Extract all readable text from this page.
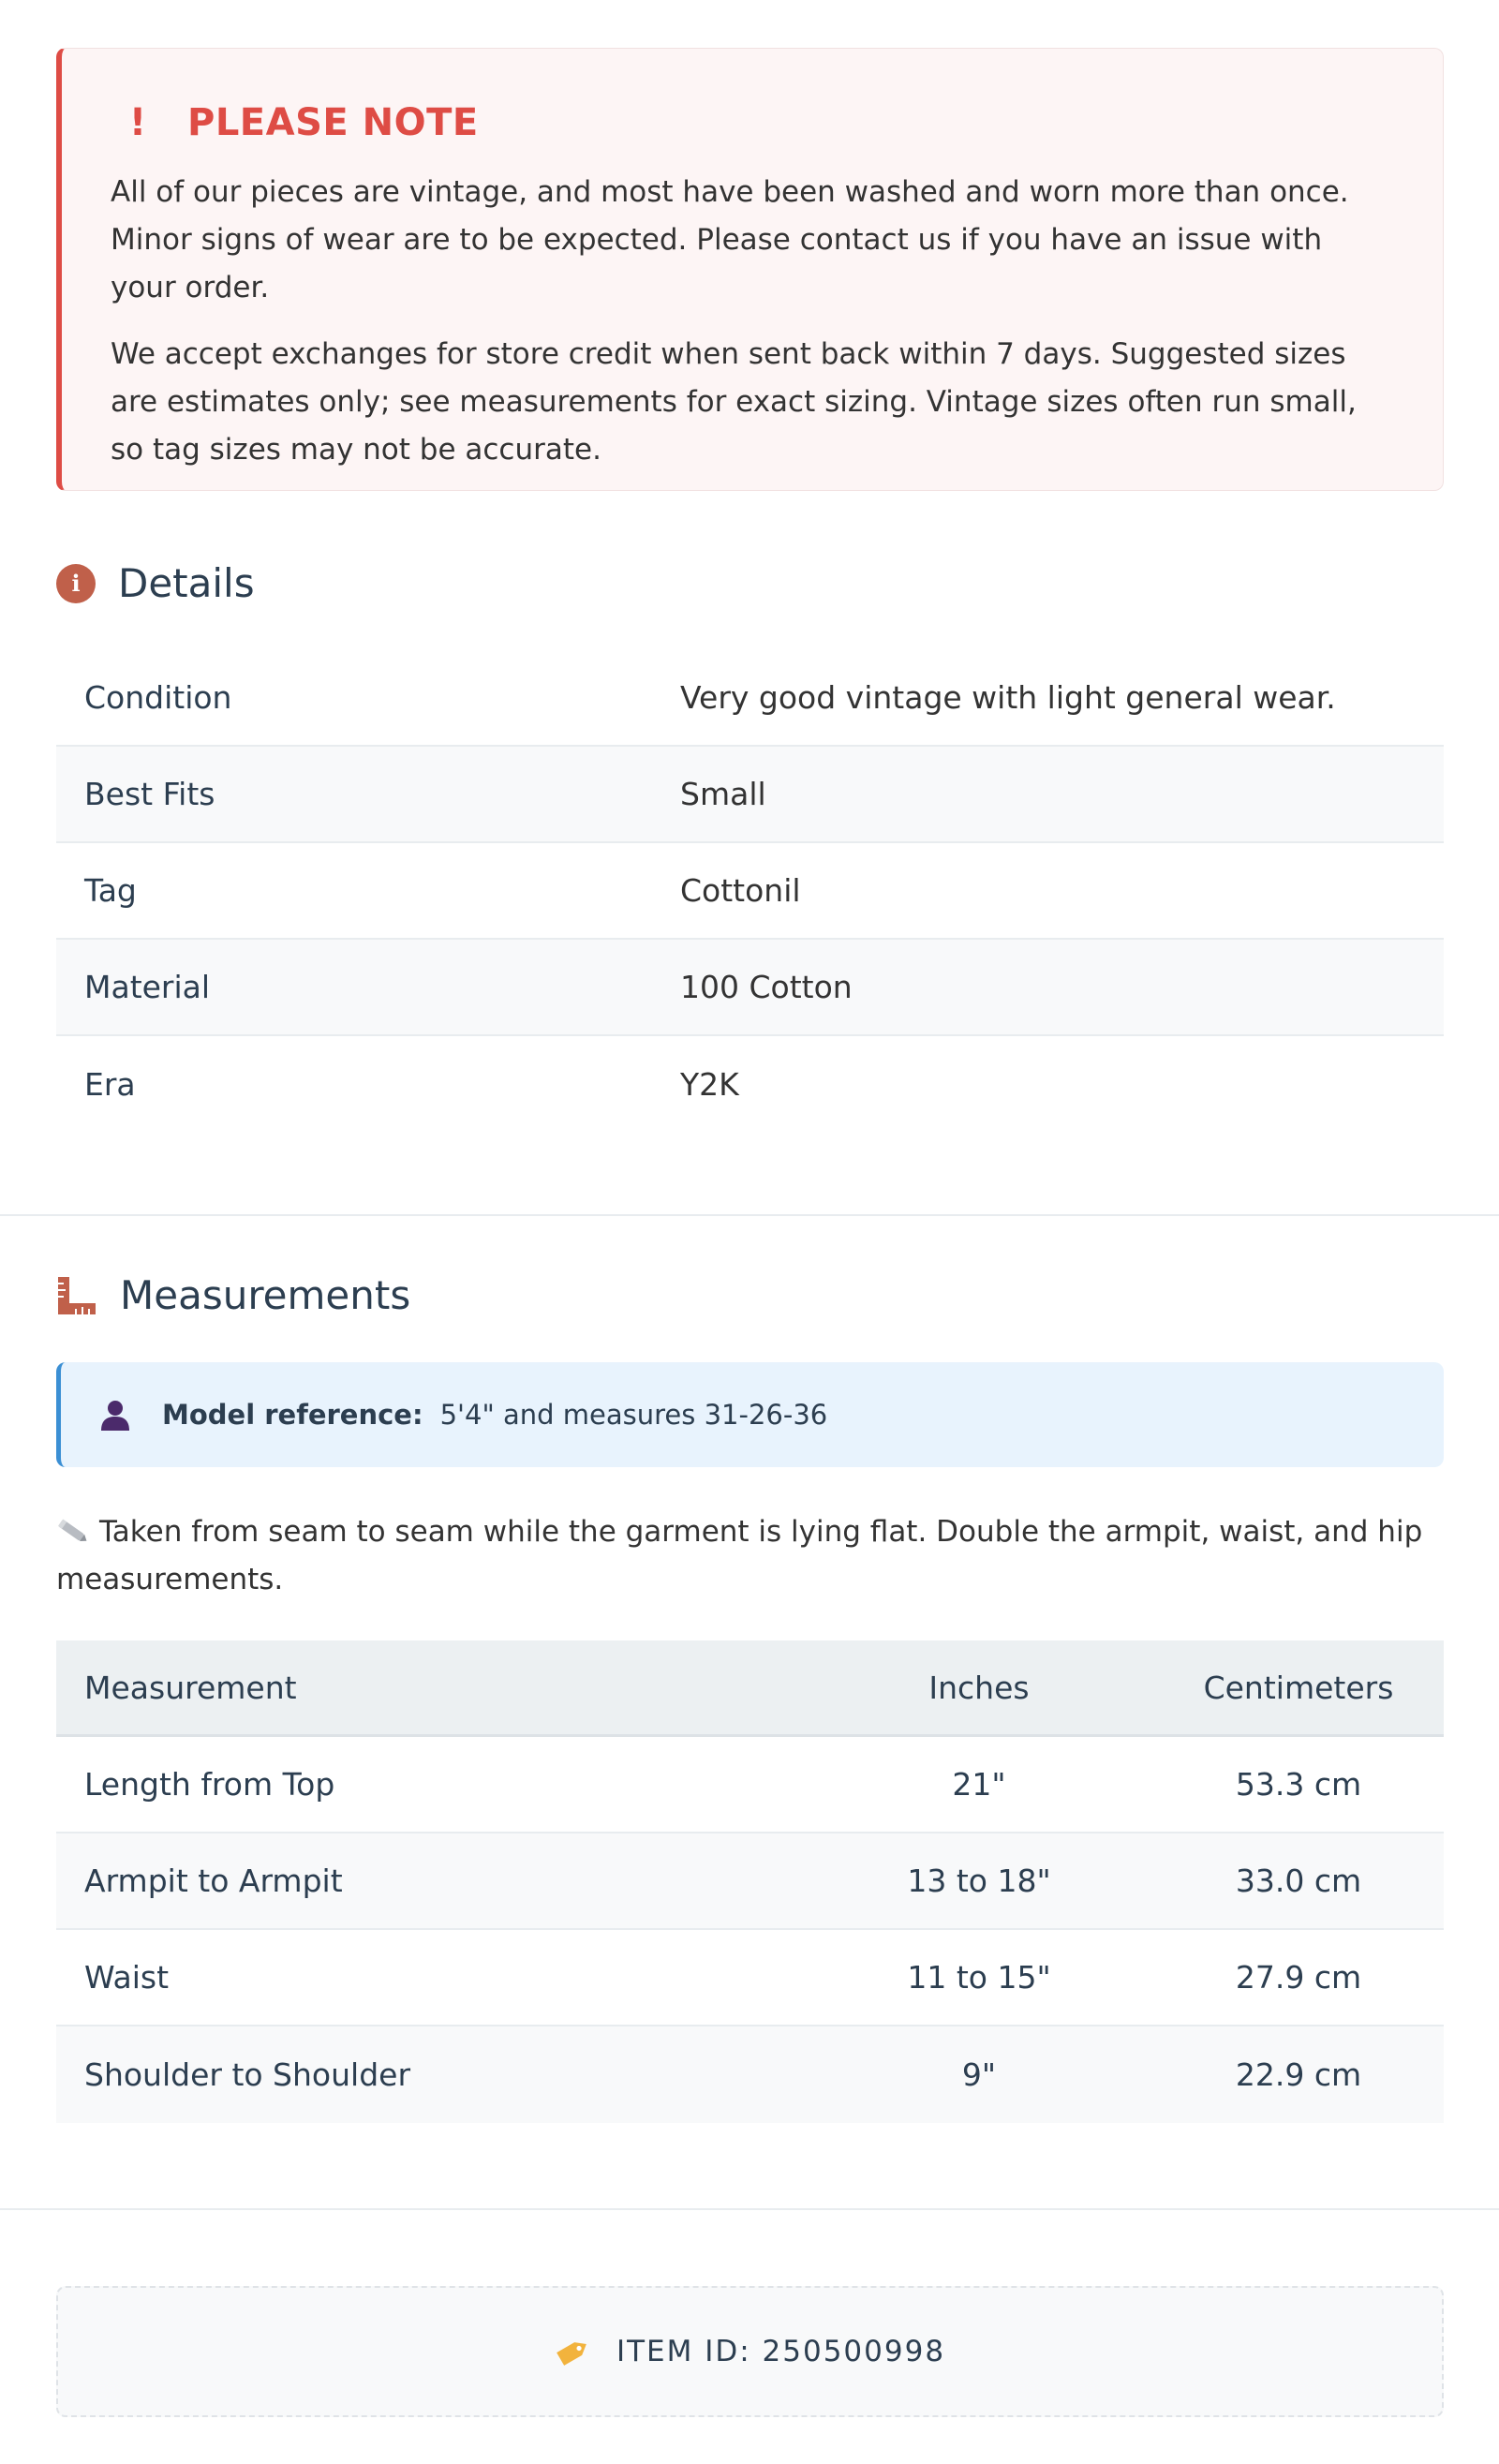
! PLEASE NOTE

All of our pieces are vintage, and most have been washed and worn more than once. Minor signs of wear are to be expected. Please contact us if you have an issue with your order.

We accept exchanges for store credit when sent back within 7 days. Suggested sizes are estimates only; see measurements for exact sizing. Vintage sizes often run small, so tag sizes may not be accurate.

i Details
Condition	Very good vintage with light general wear.
Best Fits	Small
Tag	Cottonil
Material	100 Cotton
Era	Y2K
Measurements
Model reference: 5'4" and measures 31-26-36
Taken from seam to seam while the garment is lying flat. Double the armpit, waist, and hip measurements.
Measurement	Inches	Centimeters
Length from Top	21"	53.3 cm
Armpit to Armpit	13 to 18"	33.0 cm
Waist	11 to 15"	27.9 cm
Shoulder to Shoulder	9"	22.9 cm
ITEM ID: 250500998
